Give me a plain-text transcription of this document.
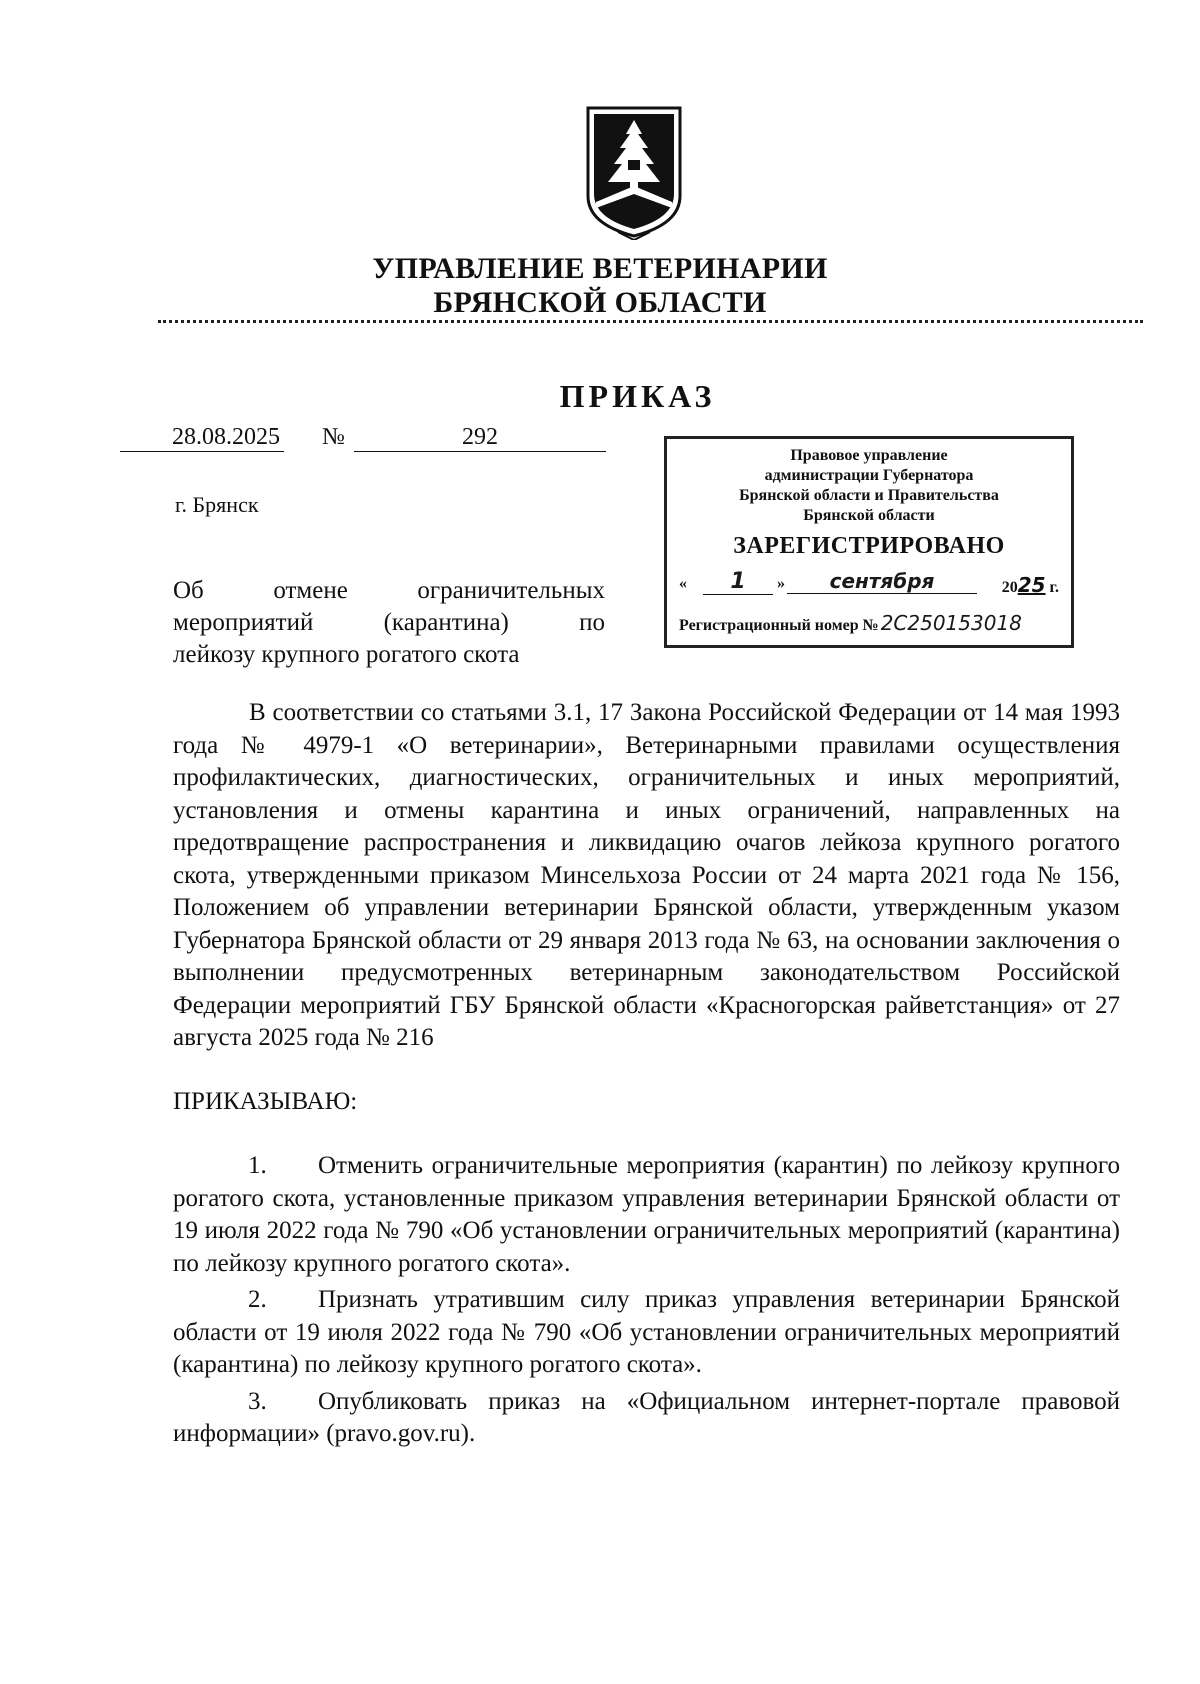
УПРАВЛЕНИЕ ВЕТЕРИНАРИИ
БРЯНСКОЙ ОБЛАСТИ
ПРИКАЗ
28.08.2025 №	292
г. Брянск
Об отмене ограничительных
мероприятий (карантина) по
лейкозу крупного рогатого скота
Правовое управление
администрации Губернатора
Брянской области и Правительства
Брянской области
ЗАРЕГИСТРИРОВАНО
«	1	»	сентября	2025 г.
Регистрационный номер № 2С250153018
В соответствии со статьями 3.1, 17 Закона Российской Федерации от 14 мая 1993 года № 4979-1 «О ветеринарии», Ветеринарными правилами осуществления профилактических, диагностических, ограничительных и иных мероприятий, установления и отмены карантина и иных ограничений, направленных на предотвращение распространения и ликвидацию очагов лейкоза крупного рогатого скота, утвержденными приказом Минсельхоза России от 24 марта 2021 года № 156, Положением об управлении ветеринарии Брянской области, утвержденным указом Губернатора Брянской области от 29 января 2013 года № 63, на основании заключения о выполнении предусмотренных ветеринарным законодательством Российской Федерации мероприятий ГБУ Брянской области «Красногорская райветстанция» от 27 августа 2025 года № 216
ПРИКАЗЫВАЮ:
1. Отменить ограничительные мероприятия (карантин) по лейкозу крупного рогатого скота, установленные приказом управления ветеринарии Брянской области от 19 июля 2022 года № 790 «Об установлении ограничительных мероприятий (карантина) по лейкозу крупного рогатого скота».
2. Признать утратившим силу приказ управления ветеринарии Брянской области от 19 июля 2022 года № 790 «Об установлении ограничительных мероприятий (карантина) по лейкозу крупного рогатого скота».
3. Опубликовать приказ на «Официальном интернет-портале правовой информации» (pravo.gov.ru).
